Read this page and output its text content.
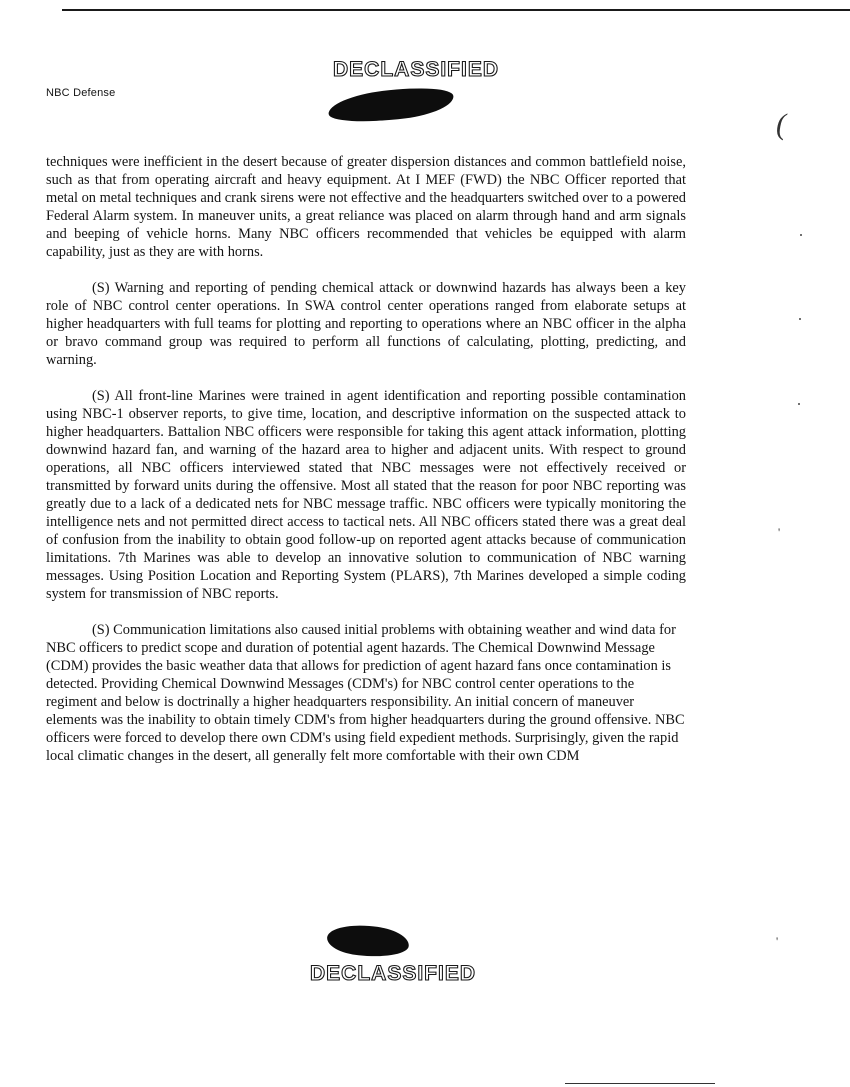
NBC Defense
DECLASSIFIED
(
'
'

techniques were inefficient in the desert because of greater dispersion distances and common battlefield noise, such as that from operating aircraft and heavy equipment. At I MEF (FWD) the NBC Officer reported that metal on metal techniques and crank sirens were not effective and the headquarters switched over to a powered Federal Alarm system. In maneuver units, a great reliance was placed on alarm through hand and arm signals and beeping of vehicle horns. Many NBC officers recommended that vehicles be equipped with alarm capability, just as they are with horns.

(S) Warning and reporting of pending chemical attack or downwind hazards has always been a key role of NBC control center operations. In SWA control center operations ranged from elaborate setups at higher headquarters with full teams for plotting and reporting to operations where an NBC officer in the alpha or bravo command group was required to perform all functions of calculating, plotting, predicting, and warning.

(S) All front-line Marines were trained in agent identification and reporting possible contamination using NBC-1 observer reports, to give time, location, and descriptive information on the suspected attack to higher headquarters. Battalion NBC officers were responsible for taking this agent attack information, plotting downwind hazard fan, and warning of the hazard area to higher and adjacent units. With respect to ground operations, all NBC officers interviewed stated that NBC messages were not effectively received or transmitted by forward units during the offensive. Most all stated that the reason for poor NBC reporting was greatly due to a lack of a dedicated nets for NBC message traffic. NBC officers were typically monitoring the intelligence nets and not permitted direct access to tactical nets. All NBC officers stated there was a great deal of confusion from the inability to obtain good follow-up on reported agent attacks because of communication limitations. 7th Marines was able to develop an innovative solution to communication of NBC warning messages. Using Position Location and Reporting System (PLARS), 7th Marines developed a simple coding system for transmission of NBC reports.

(S) Communication limitations also caused initial problems with obtaining weather and wind data for NBC officers to predict scope and duration of potential agent hazards. The Chemical Downwind Message (CDM) provides the basic weather data that allows for prediction of agent hazard fans once contamination is detected. Providing Chemical Downwind Messages (CDM's) for NBC control center operations to the regiment and below is doctrinally a higher headquarters responsibility. An initial concern of maneuver elements was the inability to obtain timely CDM's from higher headquarters during the ground offensive. NBC officers were forced to develop there own CDM's using field expedient methods. Surprisingly, given the rapid local climatic changes in the desert, all generally felt more comfortable with their own CDM

DECLASSIFIED
